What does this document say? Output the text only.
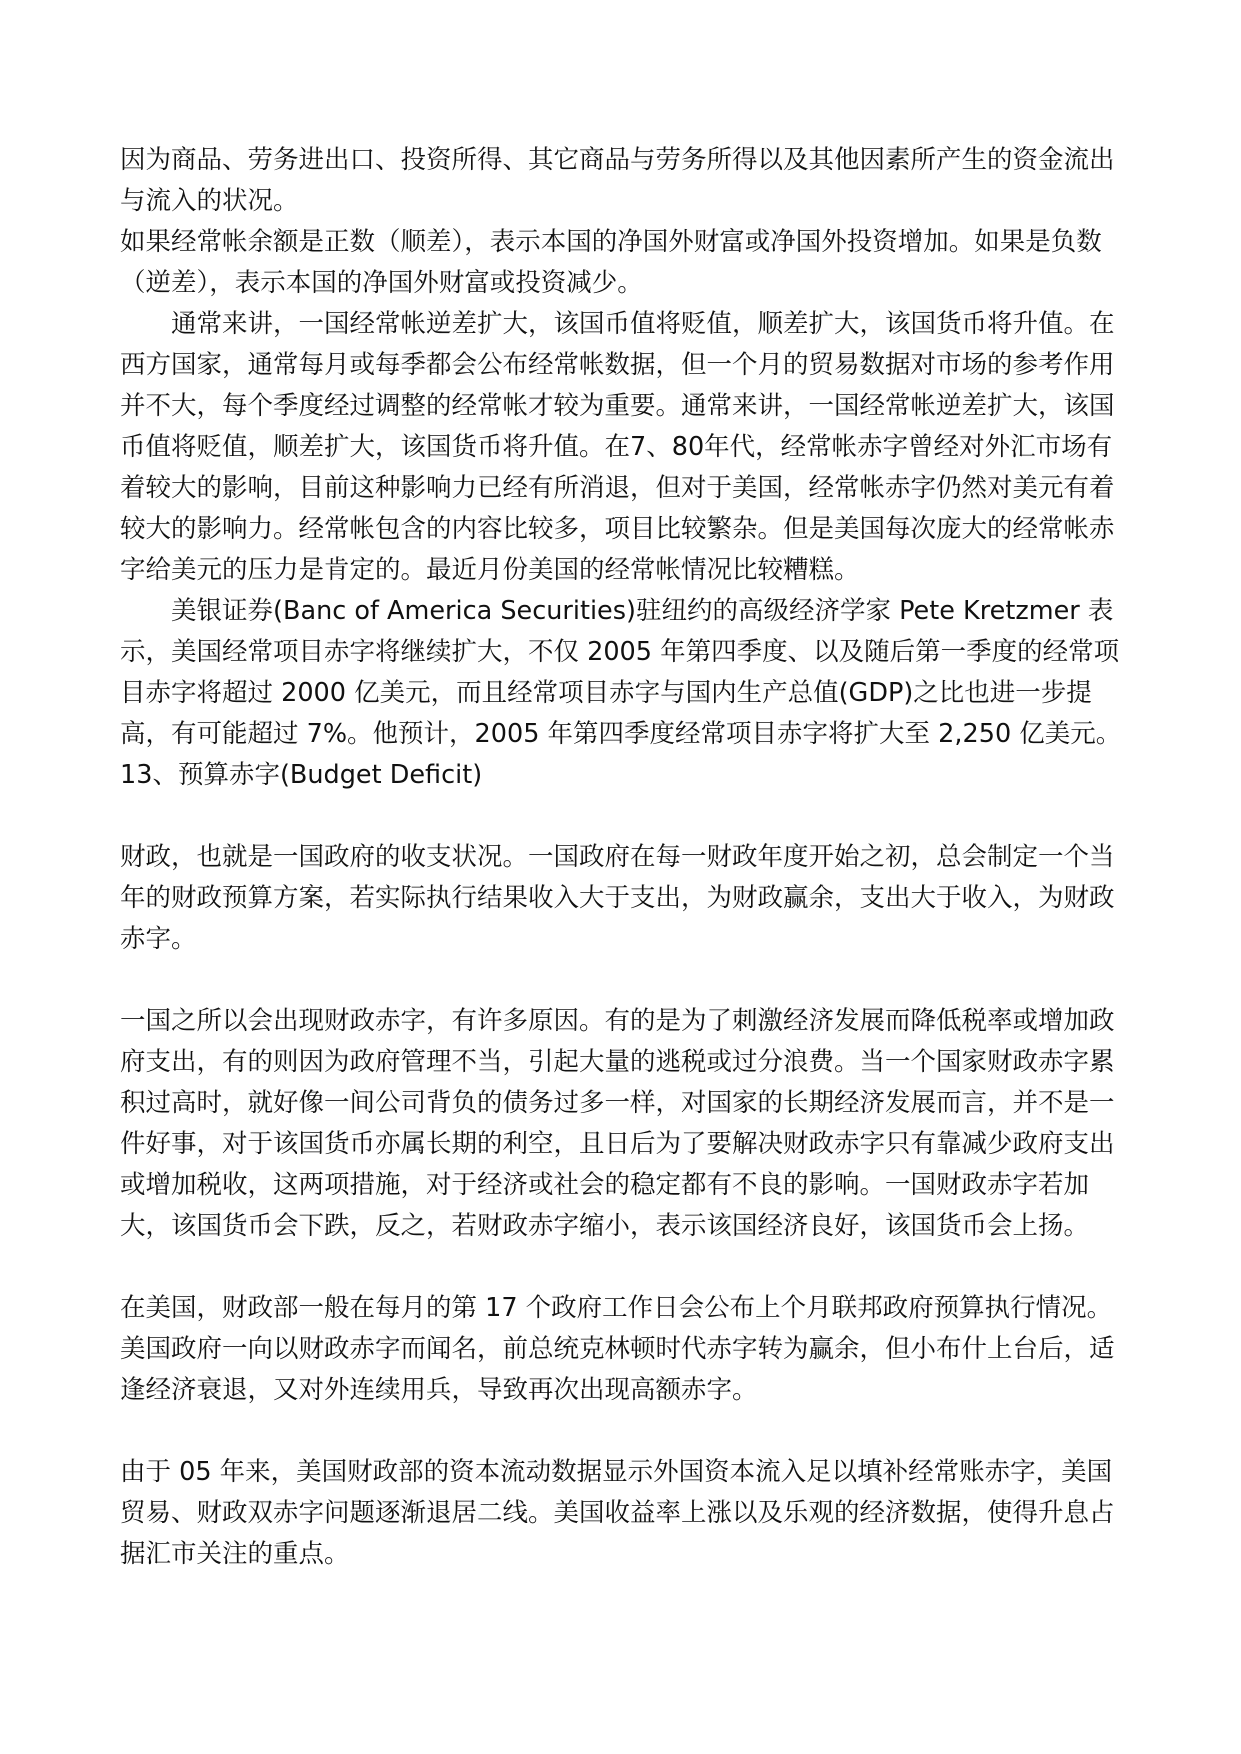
因为商品、劳务进出口、投资所得、其它商品与劳务所得以及其他因素所产生的资金流出与流入的状况。

如果经常帐余额是正数（顺差），表示本国的净国外财富或净国外投资增加。如果是负数（逆差），表示本国的净国外财富或投资减少。

通常来讲，一国经常帐逆差扩大，该国币值将贬值，顺差扩大，该国货币将升值。在西方国家，通常每月或每季都会公布经常帐数据，但一个月的贸易数据对市场的参考作用并不大，每个季度经过调整的经常帐才较为重要。通常来讲，一国经常帐逆差扩大，该国币值将贬值，顺差扩大，该国货币将升值。在7、80年代，经常帐赤字曾经对外汇市场有着较大的影响，目前这种影响力已经有所消退，但对于美国，经常帐赤字仍然对美元有着较大的影响力。经常帐包含的内容比较多，项目比较繁杂。但是美国每次庞大的经常帐赤字给美元的压力是肯定的。最近月份美国的经常帐情况比较糟糕。

美银证券(Banc of America Securities)驻纽约的高级经济学家 Pete Kretzmer 表示，美国经常项目赤字将继续扩大，不仅 2005 年第四季度、以及随后第一季度的经常项目赤字将超过 2000 亿美元，而且经常项目赤字与国内生产总值(GDP)之比也进一步提高，有可能超过 7%。他预计，2005 年第四季度经常项目赤字将扩大至 2,250 亿美元。

13、预算赤字(Budget Deficit)

财政，也就是一国政府的收支状况。一国政府在每一财政年度开始之初，总会制定一个当年的财政预算方案，若实际执行结果收入大于支出，为财政赢余，支出大于收入，为财政赤字。

一国之所以会出现财政赤字，有许多原因。有的是为了刺激经济发展而降低税率或增加政府支出，有的则因为政府管理不当，引起大量的逃税或过分浪费。当一个国家财政赤字累积过高时，就好像一间公司背负的债务过多一样，对国家的长期经济发展而言，并不是一件好事，对于该国货币亦属长期的利空，且日后为了要解决财政赤字只有靠减少政府支出或增加税收，这两项措施，对于经济或社会的稳定都有不良的影响。一国财政赤字若加大，该国货币会下跌，反之，若财政赤字缩小，表示该国经济良好，该国货币会上扬。

在美国，财政部一般在每月的第 17 个政府工作日会公布上个月联邦政府预算执行情况。美国政府一向以财政赤字而闻名，前总统克林顿时代赤字转为赢余，但小布什上台后，适逢经济衰退，又对外连续用兵，导致再次出现高额赤字。

由于 05 年来，美国财政部的资本流动数据显示外国资本流入足以填补经常账赤字，美国贸易、财政双赤字问题逐渐退居二线。美国收益率上涨以及乐观的经济数据，使得升息占据汇市关注的重点。
